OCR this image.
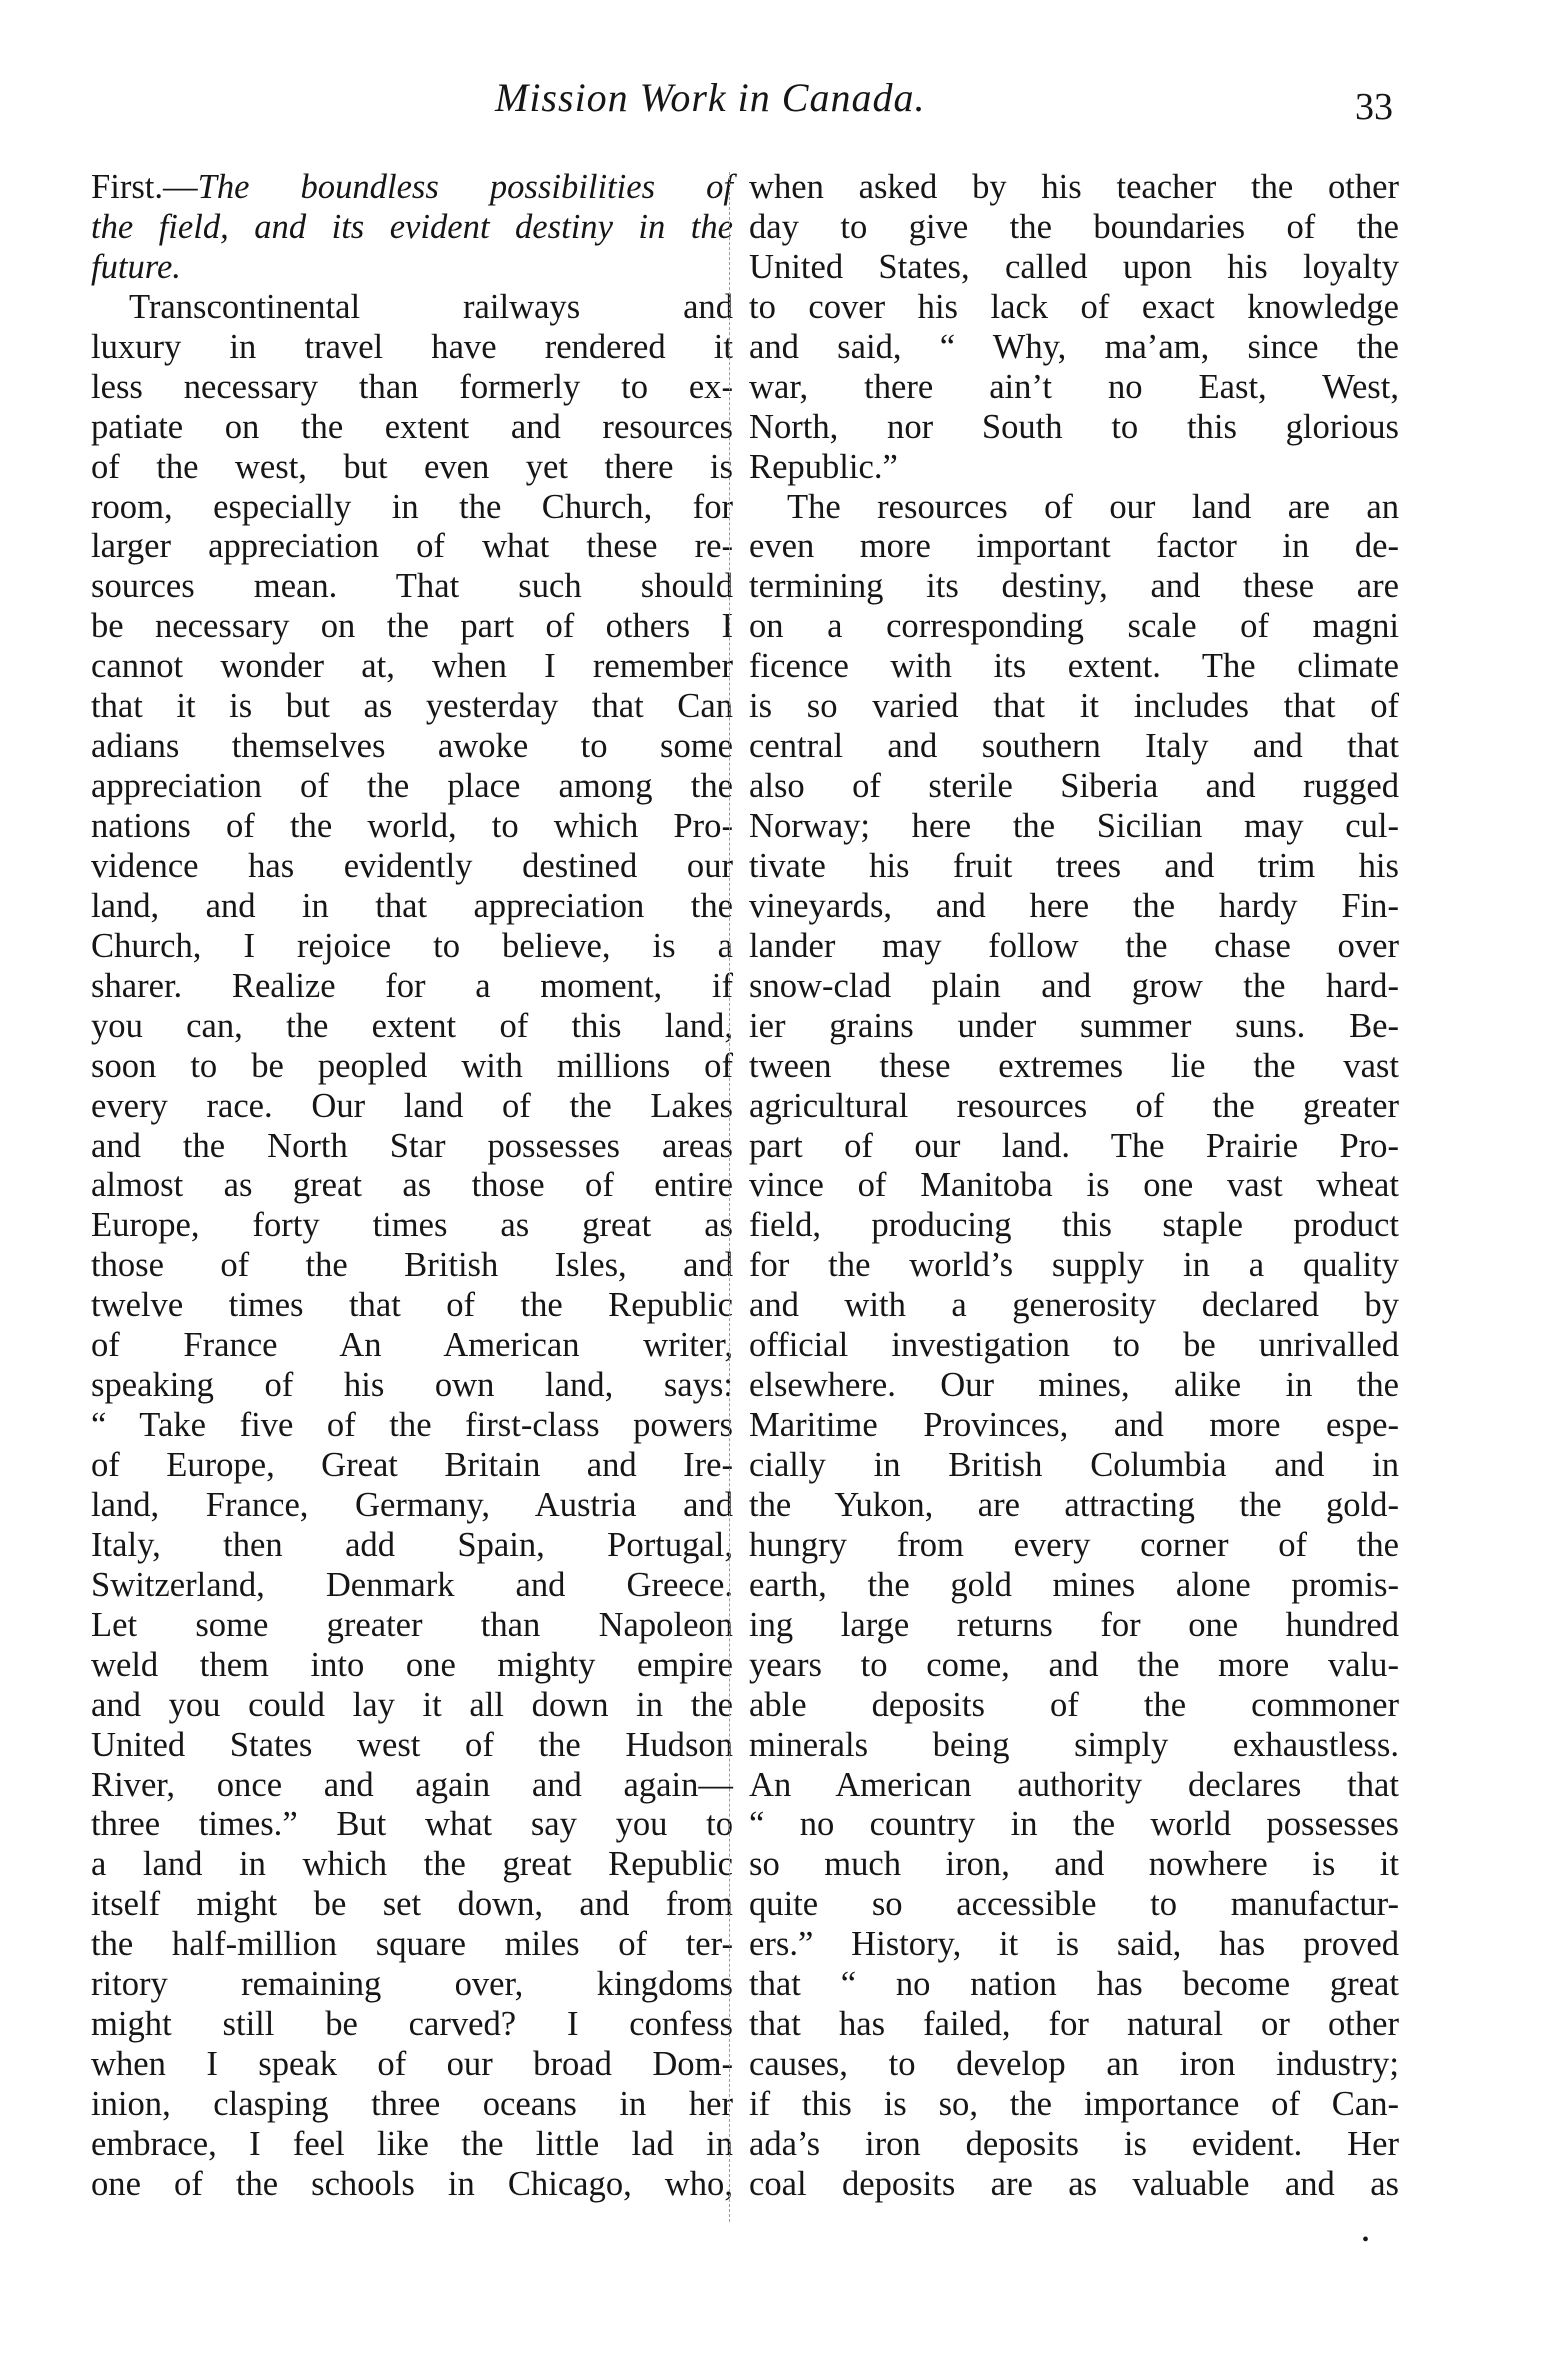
Mission Work in Canada.	33
First.—The boundless possibilities of
the field, and its evident destiny in the
future.
Transcontinental railways and
luxury in travel have rendered it
less necessary than formerly to ex-
patiate on the extent and resources
of the west, but even yet there is
room, especially in the Church, for
larger appreciation of what these re-
sources mean. That such should
be necessary on the part of others I
cannot wonder at, when I remember
that it is but as yesterday that Can
adians themselves awoke to some
appreciation of the place among the
nations of the world, to which Pro-
vidence has evidently destined our
land, and in that appreciation the
Church, I rejoice to believe, is a
sharer. Realize for a moment, if
you can, the extent of this land,
soon to be peopled with millions of
every race. Our land of the Lakes
and the North Star possesses areas
almost as great as those of entire
Europe, forty times as great as
those of the British Isles, and
twelve times that of the Republic
of France An American writer,
speaking of his own land, says:
“ Take five of the first-class powers
of Europe, Great Britain and Ire-
land, France, Germany, Austria and
Italy, then add Spain, Portugal,
Switzerland, Denmark and Greece.
Let some greater than Napoleon
weld them into one mighty empire
and you could lay it all down in the
United States west of the Hudson
River, once and again and again—
three times.” But what say you to
a land in which the great Republic
itself might be set down, and from
the half-million square miles of ter-
ritory remaining over, kingdoms
might still be carved? I confess
when I speak of our broad Dom-
inion, clasping three oceans in her
embrace, I feel like the little lad in
one of the schools in Chicago, who,
when asked by his teacher the other
day to give the boundaries of the
United States, called upon his loyalty
to cover his lack of exact knowledge
and said, “ Why, ma’am, since the
war, there ain’t no East, West,
North, nor South to this glorious
Republic.”
The resources of our land are an
even more important factor in de-
termining its destiny, and these are
on a corresponding scale of magni
ficence with its extent. The climate
is so varied that it includes that of
central and southern Italy and that
also of sterile Siberia and rugged
Norway; here the Sicilian may cul-
tivate his fruit trees and trim his
vineyards, and here the hardy Fin-
lander may follow the chase over
snow-clad plain and grow the hard-
ier grains under summer suns. Be-
tween these extremes lie the vast
agricultural resources of the greater
part of our land. The Prairie Pro-
vince of Manitoba is one vast wheat
field, producing this staple product
for the world’s supply in a quality
and with a generosity declared by
official investigation to be unrivalled
elsewhere. Our mines, alike in the
Maritime Provinces, and more espe-
cially in British Columbia and in
the Yukon, are attracting the gold-
hungry from every corner of the
earth, the gold mines alone promis-
ing large returns for one hundred
years to come, and the more valu-
able deposits of the commoner
minerals being simply exhaustless.
An American authority declares that
“ no country in the world possesses
so much iron, and nowhere is it
quite so accessible to manufactur-
ers.” History, it is said, has proved
that “ no nation has become great
that has failed, for natural or other
causes, to develop an iron industry;
if this is so, the importance of Can-
ada’s iron deposits is evident. Her
coal deposits are as valuable and as
•
